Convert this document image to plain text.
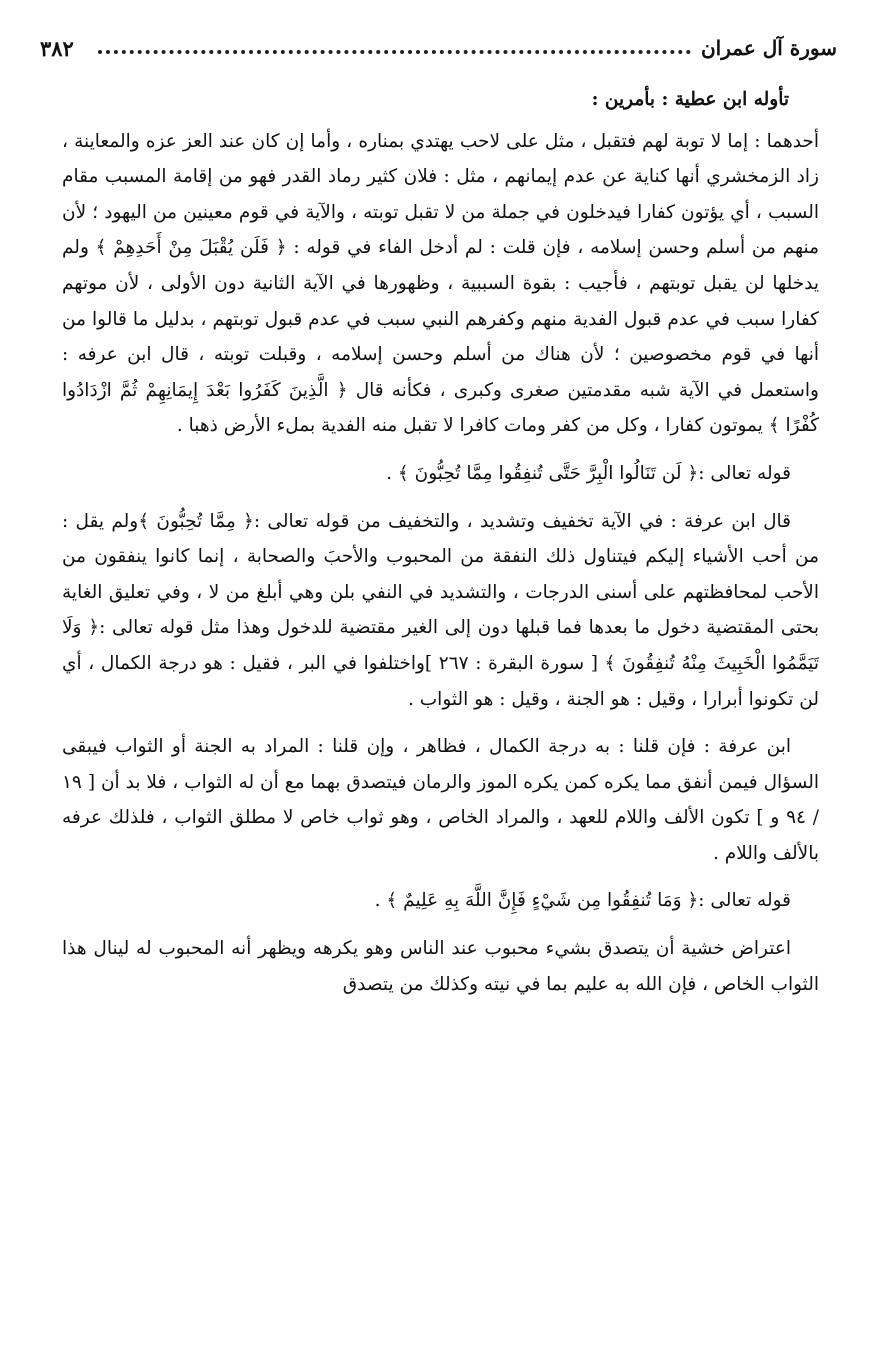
سورة آل عمران
٣٨٢

تأوله ابن عطية : بأمرين :

أحدهما : إما لا توبة لهم فتقبل ، مثل على لاحب يهتدي بمناره ، وأما إن كان عند العز عزه والمعاينة ، زاد الزمخشري أنها كناية عن عدم إيمانهم ، مثل : فلان كثير رماد القدر فهو من إقامة المسبب مقام السبب ، أي يؤتون كفارا فيدخلون في جملة من لا تقبل توبته ، والآية في قوم معينين من اليهود ؛ لأن منهم من أسلم وحسن إسلامه ، فإن قلت : لم أدخل الفاء في قوله : ﴿ فَلَن يُقْبَلَ مِنْ أَحَدِهِمْ ﴾ ولم يدخلها لن يقبل توبتهم ، فأجيب : بقوة السببية ، وظهورها في الآية الثانية دون الأولى ، لأن موتهم كفارا سبب في عدم قبول الفدية منهم وكفرهم النبي سبب في عدم قبول توبتهم ، بدليل ما قالوا من أنها في قوم مخصوصين ؛ لأن هناك من أسلم وحسن إسلامه ، وقبلت توبته ، قال ابن عرفه : واستعمل في الآية شبه مقدمتين صغرى وكبرى ، فكأنه قال ﴿ الَّذِينَ كَفَرُوا بَعْدَ إِيمَانِهِمْ ثُمَّ ازْدَادُوا كُفْرًا ﴾ يموتون كفارا ، وكل من كفر ومات كافرا لا تقبل منه الفدية بملء الأرض ذهبا .

قوله تعالى :﴿ لَن تَنَالُوا الْبِرَّ حَتَّى تُنفِقُوا مِمَّا تُحِبُّونَ ﴾ .

قال ابن عرفة : في الآية تخفيف وتشديد ، والتخفيف من قوله تعالى :﴿ مِمَّا تُحِبُّونَ ﴾ولم يقل : من أحب الأشياء إليكم فيتناول ذلك النفقة من المحبوب والأحبَ والصحابة ، إنما كانوا ينفقون من الأحب لمحافظتهم على أسنى الدرجات ، والتشديد في النفي بلن وهي أبلغ من لا ، وفي تعليق الغاية بحتى المقتضية دخول ما بعدها فما قبلها دون إلى الغير مقتضية للدخول وهذا مثل قوله تعالى :﴿ وَلَا تَيَمَّمُوا الْخَبِيثَ مِنْهُ تُنفِقُونَ ﴾ [ سورة البقرة : ٢٦٧ ]واختلفوا في البر ، فقيل : هو درجة الكمال ، أي لن تكونوا أبرارا ، وقيل : هو الجنة ، وقيل : هو الثواب .

ابن عرفة : فإن قلنا : به درجة الكمال ، فظاهر ، وإن قلنا : المراد به الجنة أو الثواب فيبقى السؤال فيمن أنفق مما يكره كمن يكره الموز والرمان فيتصدق بهما مع أن له الثواب ، فلا بد أن [ ١٩ / ٩٤ و ] تكون الألف واللام للعهد ، والمراد الخاص ، وهو ثواب خاص لا مطلق الثواب ، فلذلك عرفه بالألف واللام .

قوله تعالى :﴿ وَمَا تُنفِقُوا مِن شَيْءٍ فَإِنَّ اللَّهَ بِهِ عَلِيمٌ ﴾ .

اعتراض خشية أن يتصدق بشيء محبوب عند الناس وهو يكرهه ويظهر أنه المحبوب له لينال هذا الثواب الخاص ، فإن الله به عليم بما في نيته وكذلك من يتصدق
